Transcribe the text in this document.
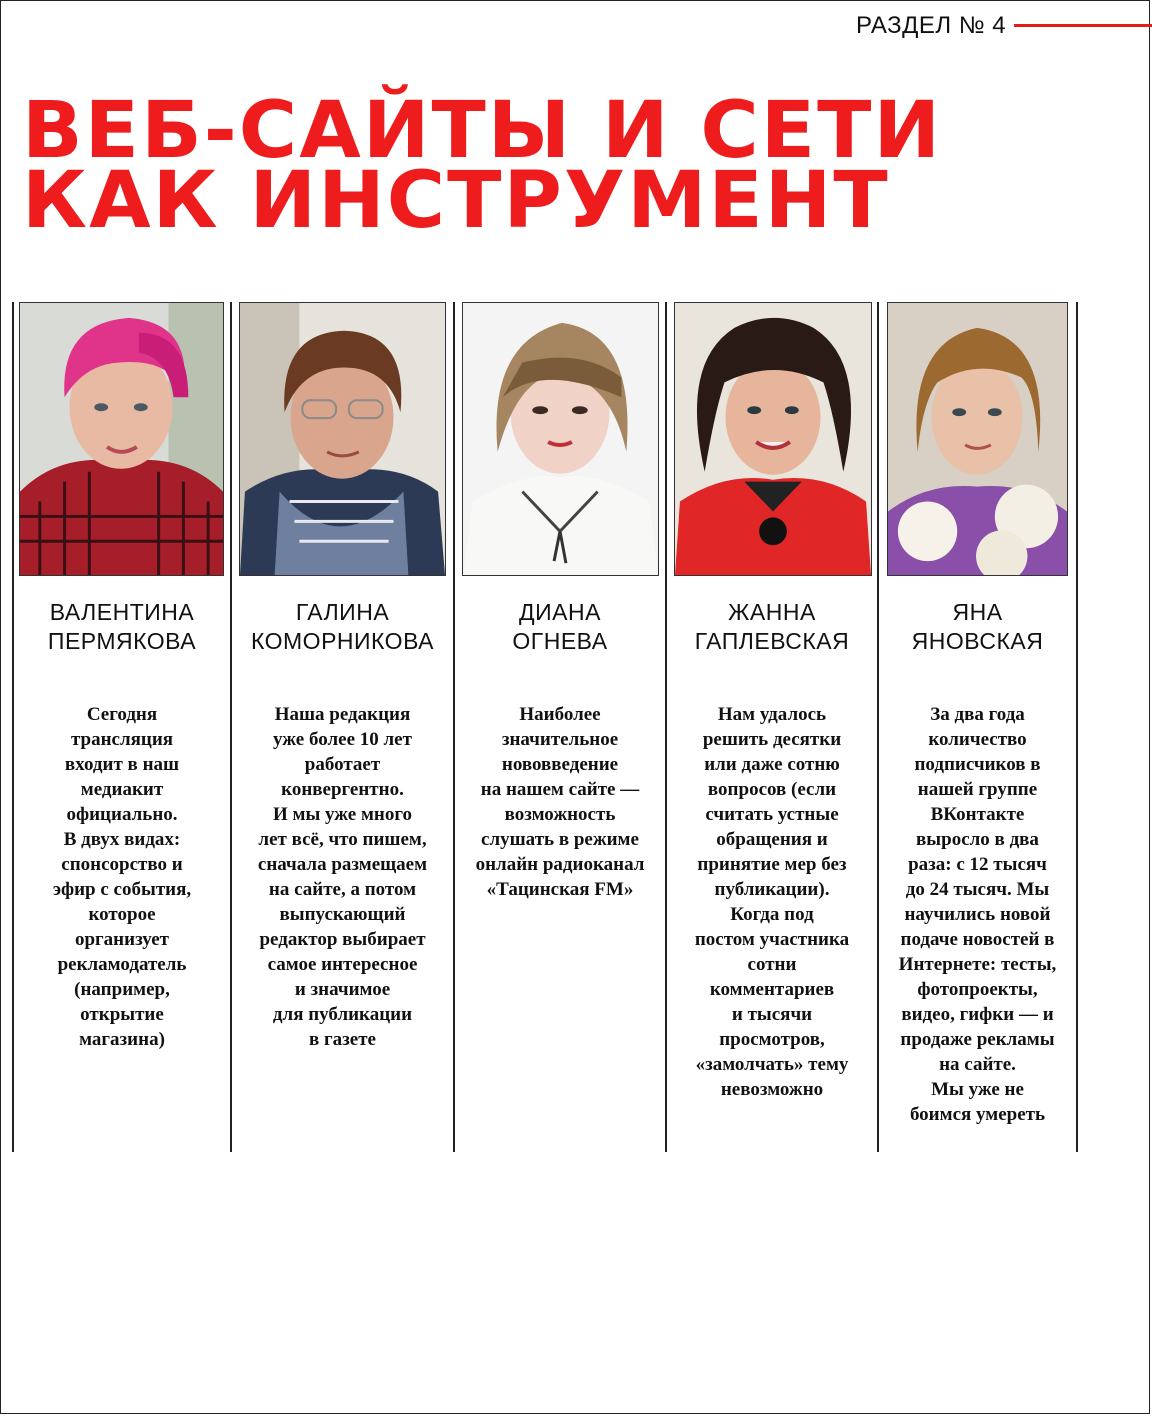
РАЗДЕЛ № 4
ВЕБ-САЙТЫ И СЕТИ
КАК ИНСТРУМЕНТ
ВАЛЕНТИНА
ПЕРМЯКОВА
Сегодня
трансляция
входит в наш
медиакит
официально.
В двух видах:
спонсорство и
эфир с события,
которое
организует
рекламодатель
(например,
открытие
магазина)
ГАЛИНА
КОМОРНИКОВА
Наша редакция
уже более 10 лет
работает
конвергентно.
И мы уже много
лет всё, что пишем,
сначала размещаем
на сайте, а потом
выпускающий
редактор выбирает
самое интересное
и значимое
для публикации
в газете
ДИАНА
ОГНЕВА
Наиболее
значительное
нововведение
на нашем сайте —
возможность
слушать в режиме
онлайн радиоканал
«Тацинская FM»
ЖАННА
ГАПЛЕВСКАЯ
Нам удалось
решить десятки
или даже сотню
вопросов (если
считать устные
обращения и
принятие мер без
публикации).
Когда под
постом участника
сотни
комментариев
и тысячи
просмотров,
«замолчать» тему
невозможно
ЯНА
ЯНОВСКАЯ
За два года
количество
подписчиков в
нашей группе
ВКонтакте
выросло в два
раза: с 12 тысяч
до 24 тысяч. Мы
научились новой
подаче новостей в
Интернете: тесты,
фотопроекты,
видео, гифки — и
продаже рекламы
на сайте.
Мы уже не
боимся умереть
